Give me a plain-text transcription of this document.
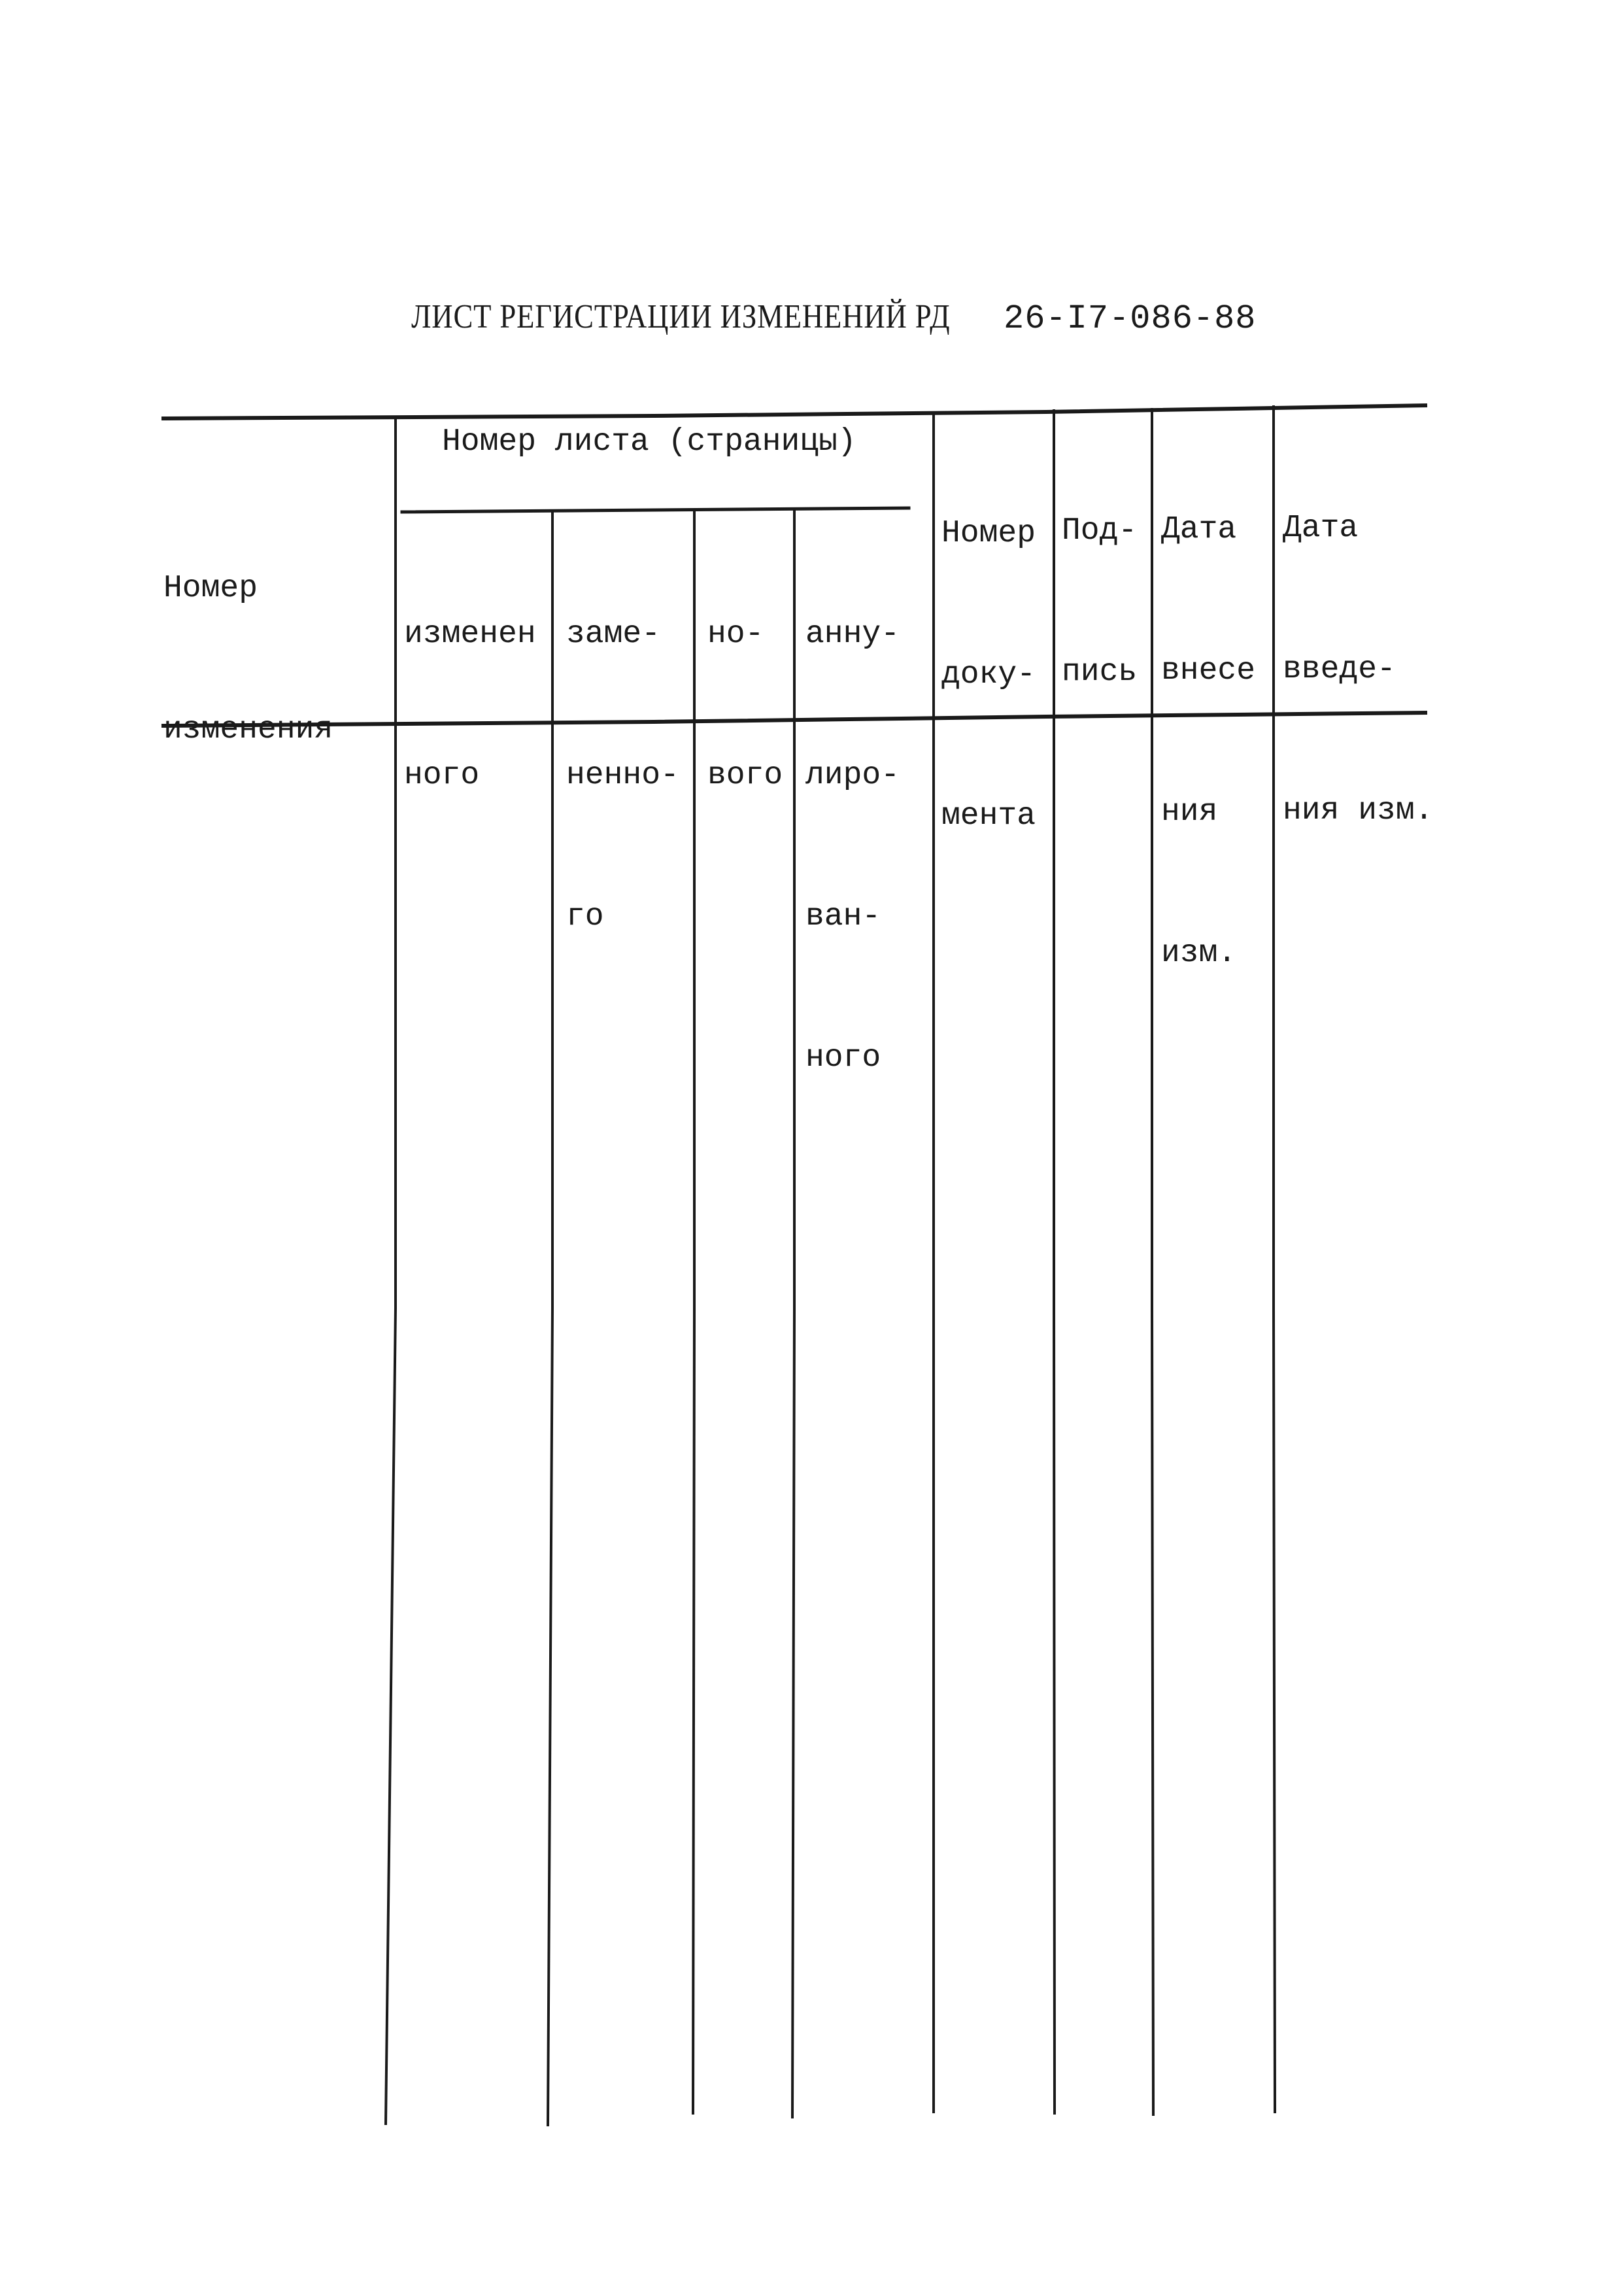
ЛИСТ РЕГИСТРАЦИИ ИЗМЕНЕНИЙ РД 26-I7-086-88

Номер

изменения

Номер листа (страницы)

изменен

ного

заме-

ненно-

го

но-

вого

анну-

лиро-

ван-

ного

Номер

доку-

мента

Под-

пись

Дата

внесе

ния

изм.

Дата

введе-

ния изм.
